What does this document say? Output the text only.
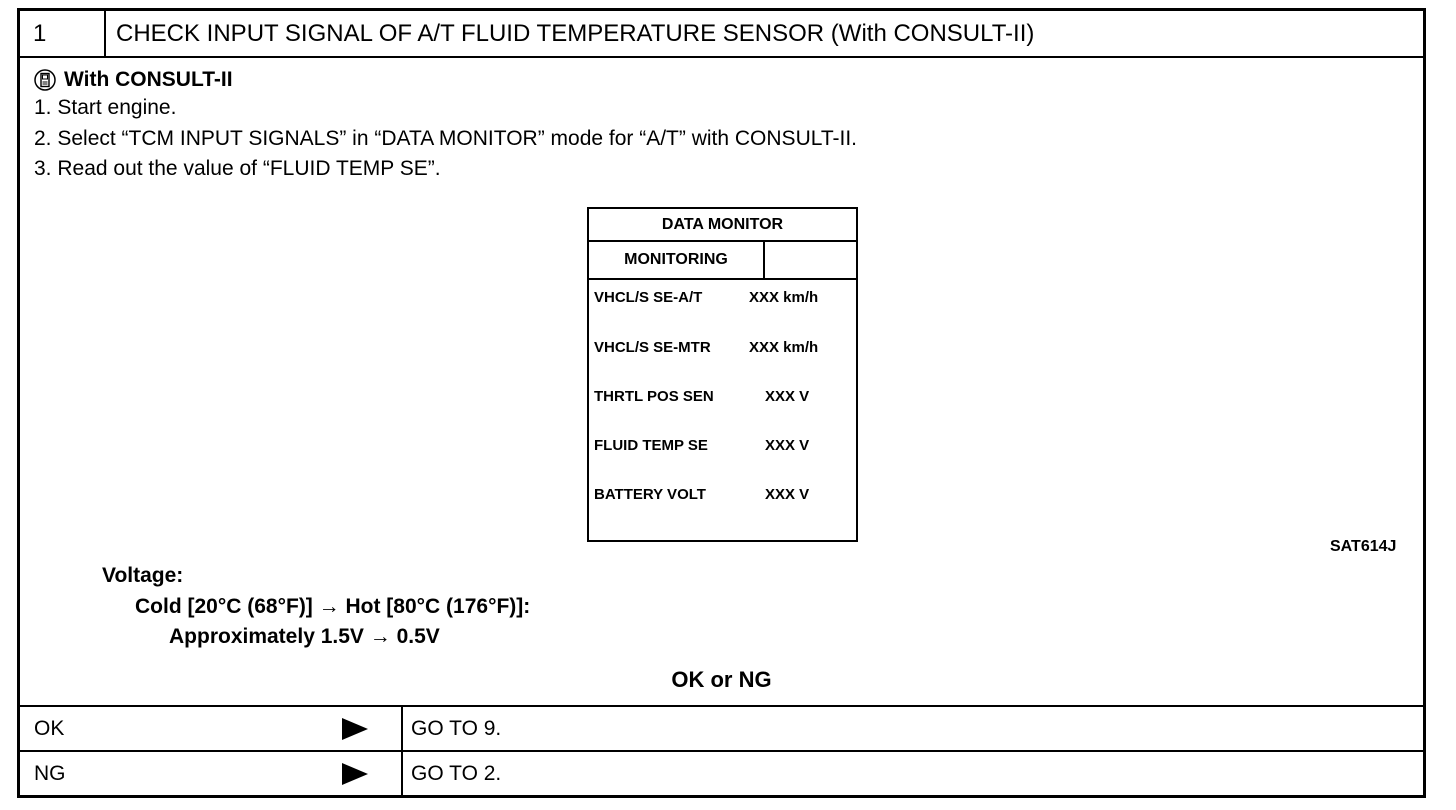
1	CHECK INPUT SIGNAL OF A/T FLUID TEMPERATURE SENSOR (With CONSULT-II)
With CONSULT-II
1. Start engine.
2. Select “TCM INPUT SIGNALS” in “DATA MONITOR” mode for “A/T” with CONSULT-II.
3. Read out the value of “FLUID TEMP SE”.
DATA MONITOR
MONITORING
VHCL/S SE-A/T	XXX km/h
VHCL/S SE-MTR	XXX km/h
THRTL POS SEN	XXX V
FLUID TEMP SE	XXX V
BATTERY VOLT	XXX V
SAT614J
Voltage:
Cold [20°C (68°F)] → Hot [80°C (176°F)]:
Approximately 1.5V → 0.5V
OK or NG
OK	GO TO 9.
NG	GO TO 2.
